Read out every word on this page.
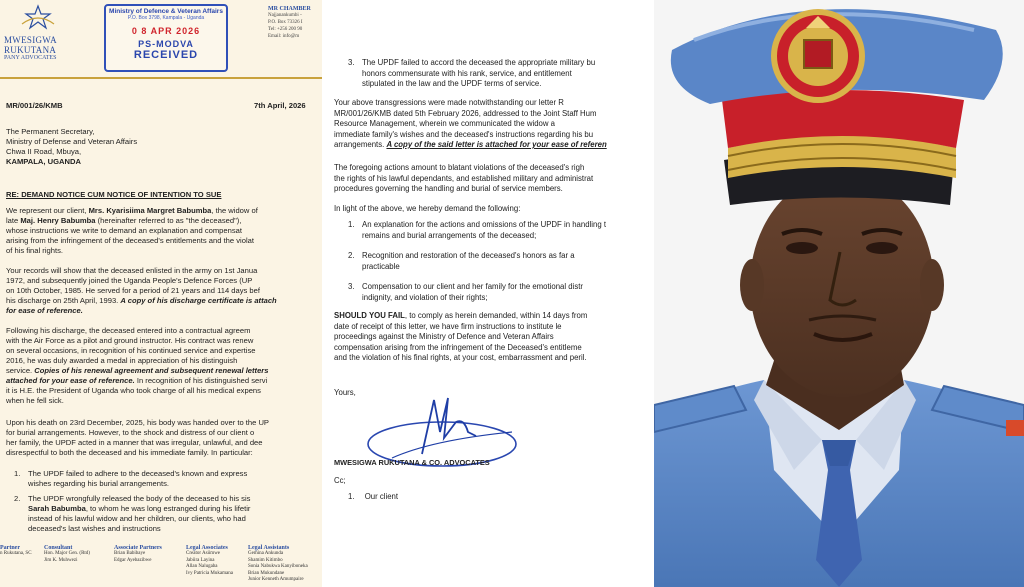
MWESIGWA
RUKUTANA
PANY ADVOCATES
MR CHAMBER
Najjanankumbi -
P.O. Box 73326 I
Tel: +256 200 90
Email: info@m
Ministry of Defence & Veteran Affairs
P.O. Box 3798, Kampala - Uganda
0 8 APR 2026
PS-MODVA
RECEIVED
MR/001/26/KMB	7th April, 2026
The Permanent Secretary,
Ministry of Defense and Veteran Affairs
Chwa II Road, Mbuya,
KAMPALA, UGANDA
RE: DEMAND NOTICE CUM NOTICE OF INTENTION TO SUE
We represent our client, Mrs. Kyarisiima Margret Babumba, the widow of
late Maj. Henry Babumba (hereinafter referred to as "the deceased"),
whose instructions we write to demand an explanation and compensat
arising from the infringement of the deceased's entitlements and the violat
of his final rights.
Your records will show that the deceased enlisted in the army on 1st Janua
1972, and subsequently joined the Uganda People's Defence Forces (UP
on 10th October, 1985. He served for a period of 21 years and 114 days bef
his discharge on 25th April, 1993. A copy of his discharge certificate is attach
for ease of reference.
Following his discharge, the deceased entered into a contractual agreem
with the Air Force as a pilot and ground instructor. His contract was renew
on several occasions, in recognition of his continued service and expertise
2016, he was duly awarded a medal in appreciation of his distinguish
service. Copies of his renewal agreement and subsequent renewal letters
attached for your ease of reference. In recognition of his distinguished servi
it is H.E. the President of Uganda who took charge of all his medical expens
when he fell sick.
Upon his death on 23rd December, 2025, his body was handed over to the UP
for burial arrangements. However, to the shock and distress of our client o
her family, the UPDF acted in a manner that was irregular, unlawful, and dee
disrespectful to both the deceased and his immediate family. In particular:
1.	The UPDF failed to adhere to the deceased's known and express
wishes regarding his burial arrangements.
2.	The UPDF wrongfully released the body of the deceased to his sis
Sarah Babumba, to whom he was long estranged during his lifetir
instead of his lawful widow and her children, our clients, who had
deceased's last wishes and instructions
Partner
n Rukutana, SC
Consultant
Hon. Major Gen. (Rtd)
Jim K. Muhwezi
Associate Partners
Brian Babibaye
Edgar Ayebazibwe
Legal Associates
Creator Asiimwe
Jabiira Layina
Allan Nalugaba
Ivy Patricia Mukamana
Legal Assistants
Gemina Ankunda
Shamim Kitimbo
Sonia Nabukwa Kanyiboneka
Brian Mukundane
Junior Kenneth Amumpaire
3. The UPDF failed to accord the deceased the appropriate military bu
honors commensurate with his rank, service, and entitlement
stipulated in the law and the UPDF terms of service.
Your above transgressions were made notwithstanding our letter R
MR/001/26/KMB dated 5th February 2026, addressed to the Joint Staff Hum
Resource Management, wherein we communicated the widow a
immediate family's wishes and the deceased's instructions regarding his bu
arrangements. A copy of the said letter is attached for your ease of referen
The foregoing actions amount to blatant violations of the deceased's righ
the rights of his lawful dependants, and established military and administrat
procedures governing the handling and burial of service members.
In light of the above, we hereby demand the following:
1. An explanation for the actions and omissions of the UPDF in handling t
remains and burial arrangements of the deceased;
2. Recognition and restoration of the deceased's honors as far a
practicable
3. Compensation to our client and her family for the emotional distr
indignity, and violation of their rights;
SHOULD YOU FAIL, to comply as herein demanded, within 14 days from
date of receipt of this letter, we have firm instructions to institute le
proceedings against the Ministry of Defence and Veteran Affairs
compensation arising from the infringement of the Deceased's entitleme
and the violation of his final rights, at your cost, embarrassment and peril.
Yours,
MWESIGWA RUKUTANA & CO. ADVOCATES
Cc;
1. Our client
